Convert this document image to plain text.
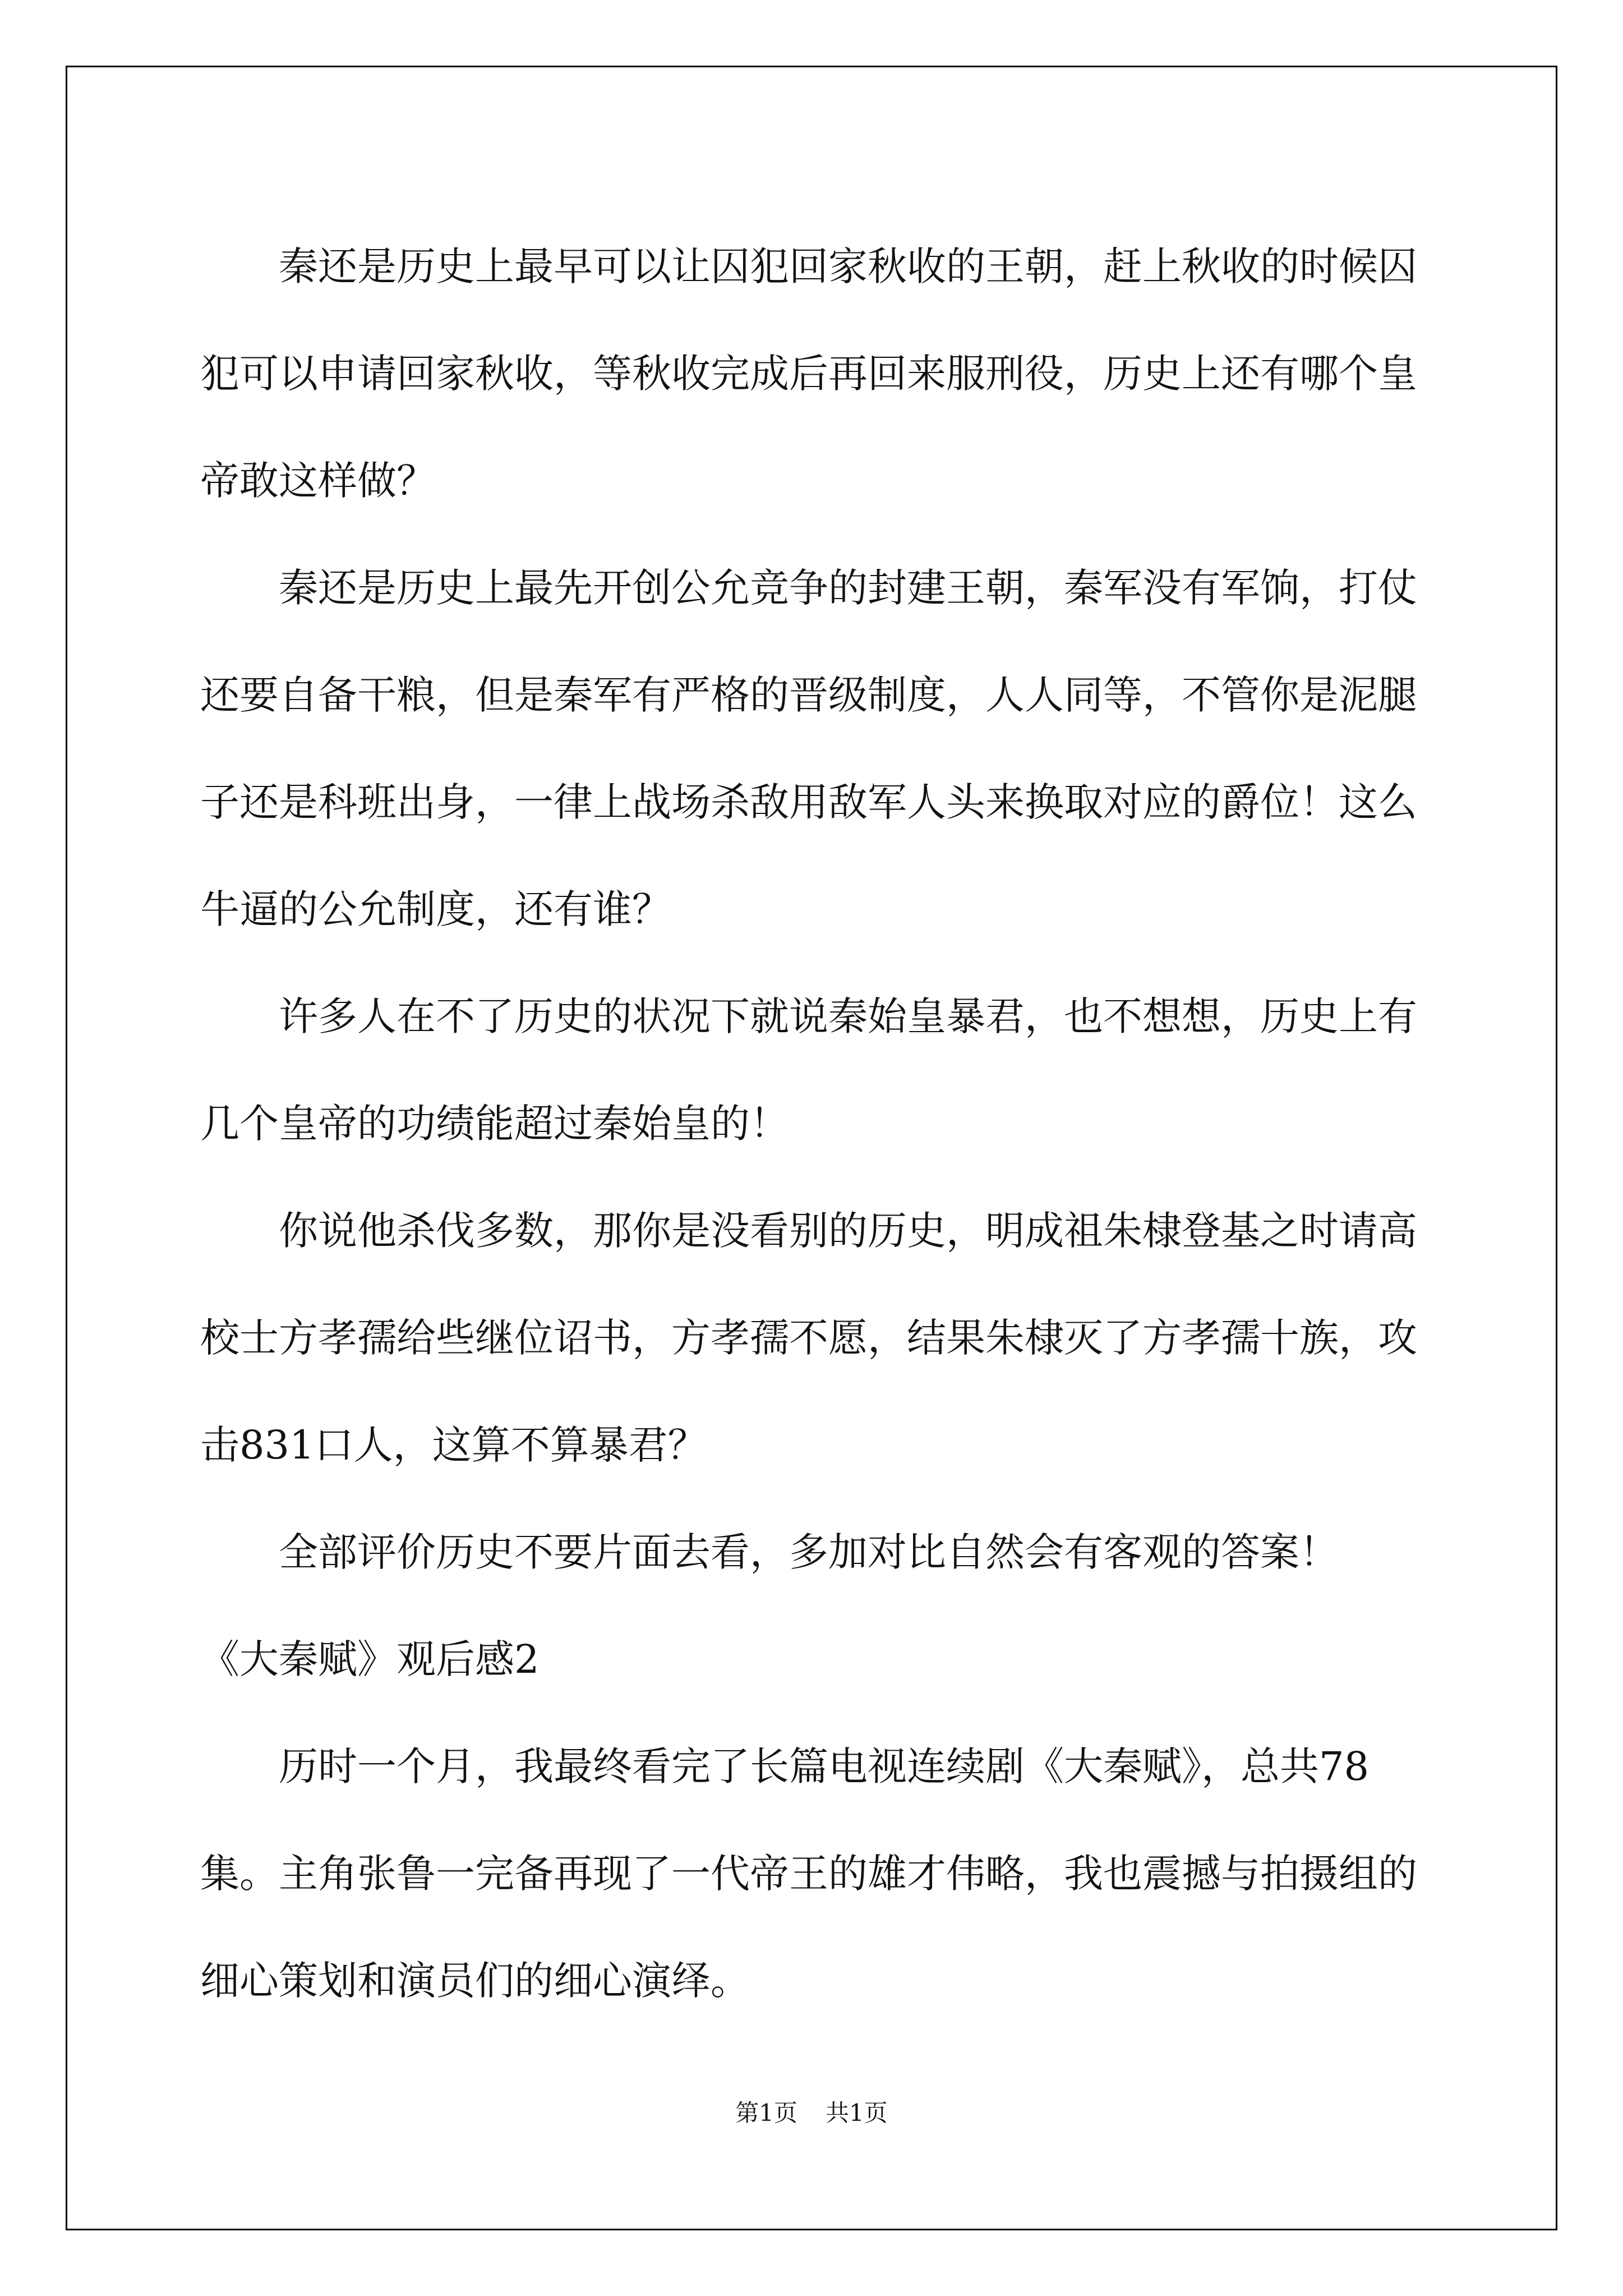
秦还是历史上最早可以让囚犯回家秋收的王朝，赶上秋收的时候囚犯可以申请回家秋收，等秋收完成后再回来服刑役，历史上还有哪个皇帝敢这样做？

秦还是历史上最先开创公允竞争的封建王朝，秦军没有军饷，打仗还要自备干粮，但是秦军有严格的晋级制度，人人同等，不管你是泥腿子还是科班出身，一律上战场杀敌用敌军人头来换取对应的爵位！这么牛逼的公允制度，还有谁？

许多人在不了历史的状况下就说秦始皇暴君，也不想想，历史上有几个皇帝的功绩能超过秦始皇的！

你说他杀伐多数，那你是没看别的历史，明成祖朱棣登基之时请高校士方孝孺给些继位诏书，方孝孺不愿，结果朱棣灭了方孝孺十族，攻击831口人，这算不算暴君？

全部评价历史不要片面去看，多加对比自然会有客观的答案！

《大秦赋》观后感2

历时一个月，我最终看完了长篇电视连续剧《大秦赋》，总共78集。主角张鲁一完备再现了一代帝王的雄才伟略，我也震撼与拍摄组的细心策划和演员们的细心演绎。

第1页 共1页
